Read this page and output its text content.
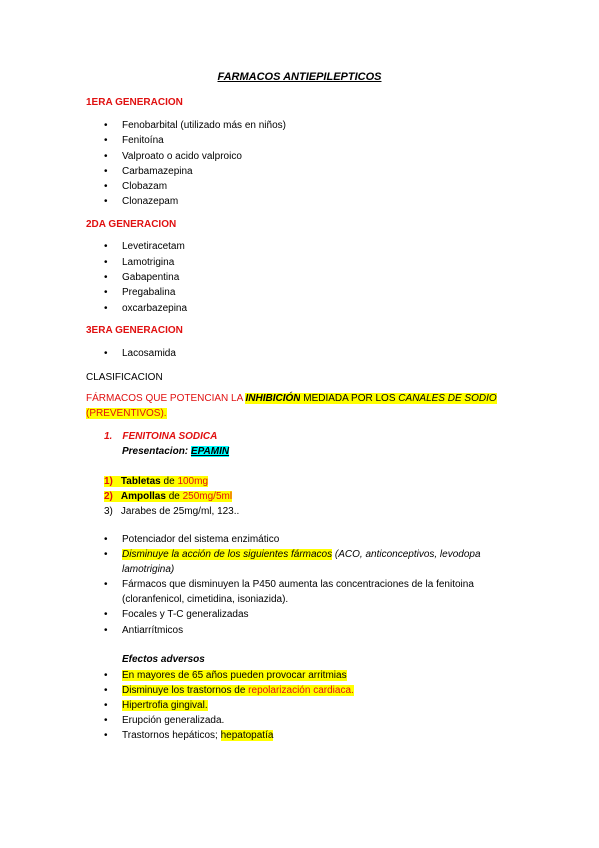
FARMACOS ANTIEPILEPTICOS
1ERA GENERACION
• Fenobarbital (utilizado más en niños)
• Fenitoína
• Valproato o acido valproico
• Carbamazepina
• Clobazam
• Clonazepam
2DA GENERACION
• Levetiracetam
• Lamotrigina
• Gabapentina
• Pregabalina
• oxcarbazepina
3ERA GENERACION
• Lacosamida
CLASIFICACION
FÁRMACOS QUE POTENCIAN LA INHIBICIÓN MEDIADA POR LOS CANALES DE SODIO
(PREVENTIVOS).
1. FENITOINA SODICA
Presentacion: EPAMIN
1) Tabletas de 100mg
2) Ampollas de 250mg/5ml
3) Jarabes de 25mg/ml, 123..
• Potenciador del sistema enzimático
• Disminuye la acción de los siguientes fármacos (ACO, anticonceptivos, levodopa
lamotrigina)
• Fármacos que disminuyen la P450 aumenta las concentraciones de la fenitoina
(cloranfenicol, cimetidina, isoniazida).
• Focales y T-C generalizadas
• Antiarrítmicos
Efectos adversos
• En mayores de 65 años pueden provocar arritmias
• Disminuye los trastornos de repolarización cardiaca.
• Hipertrofia gingival.
• Erupción generalizada.
• Trastornos hepáticos; hepatopatía
